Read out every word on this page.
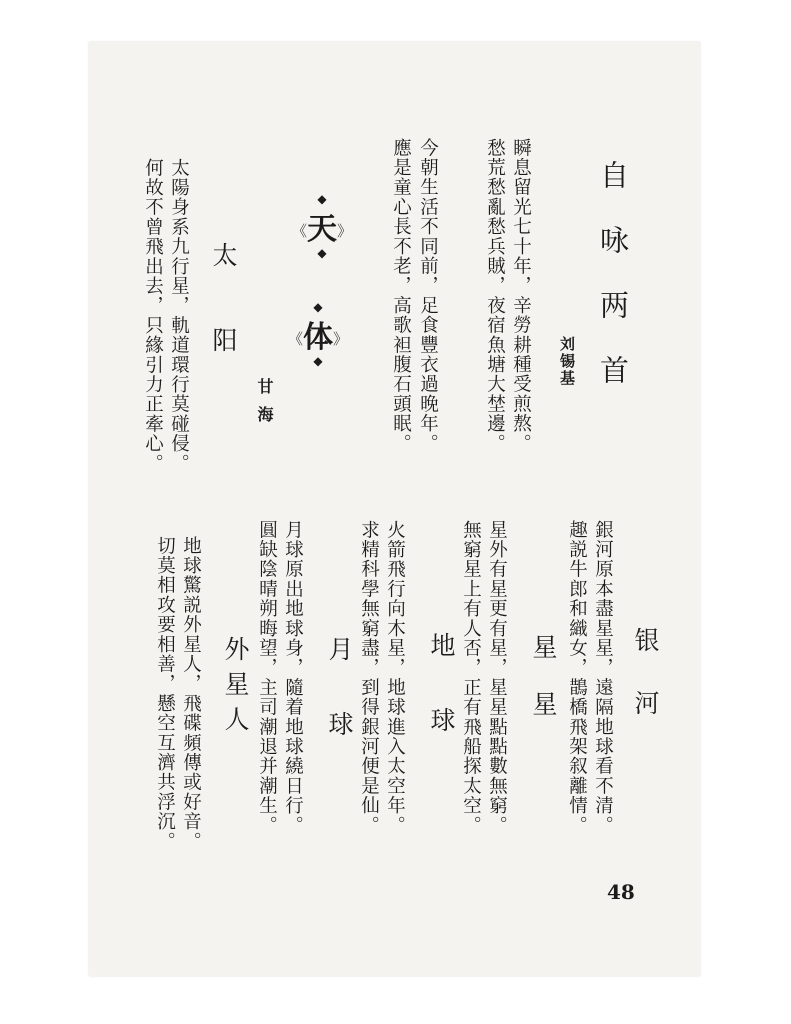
自咏两首
刘锡基
瞬息留光七十年，辛勞耕種受煎熬。
愁荒愁亂愁兵賊，夜宿魚塘大埜邊。
今朝生活不同前，足食豐衣過晚年。
應是童心長不老，高歌袒腹石頭眠。
◆
《天》
◆
◆
《体》
◆
甘海
太阳
太陽身系九行星，軌道環行莫碰侵。
何故不曾飛出去，只緣引力正牽心。
銀河原本盡星星，遠隔地球看不清。
趣説牛郎和織女，鵲橋飛架叙離情。 银河
星星
星外有星更有星，星星點點數無窮。
無窮星上有人否，正有飛船探太空。
地球
火箭飛行向木星，地球進入太空年。
求精科學無窮盡，到得銀河便是仙。
月球
月球原出地球身，隨着地球繞日行。
圓缺陰晴朔晦望，主司潮退并潮生。
外星人
地球驚説外星人，飛碟頻傳或好音。
切莫相攻要相善，懸空互濟共浮沉。
48
